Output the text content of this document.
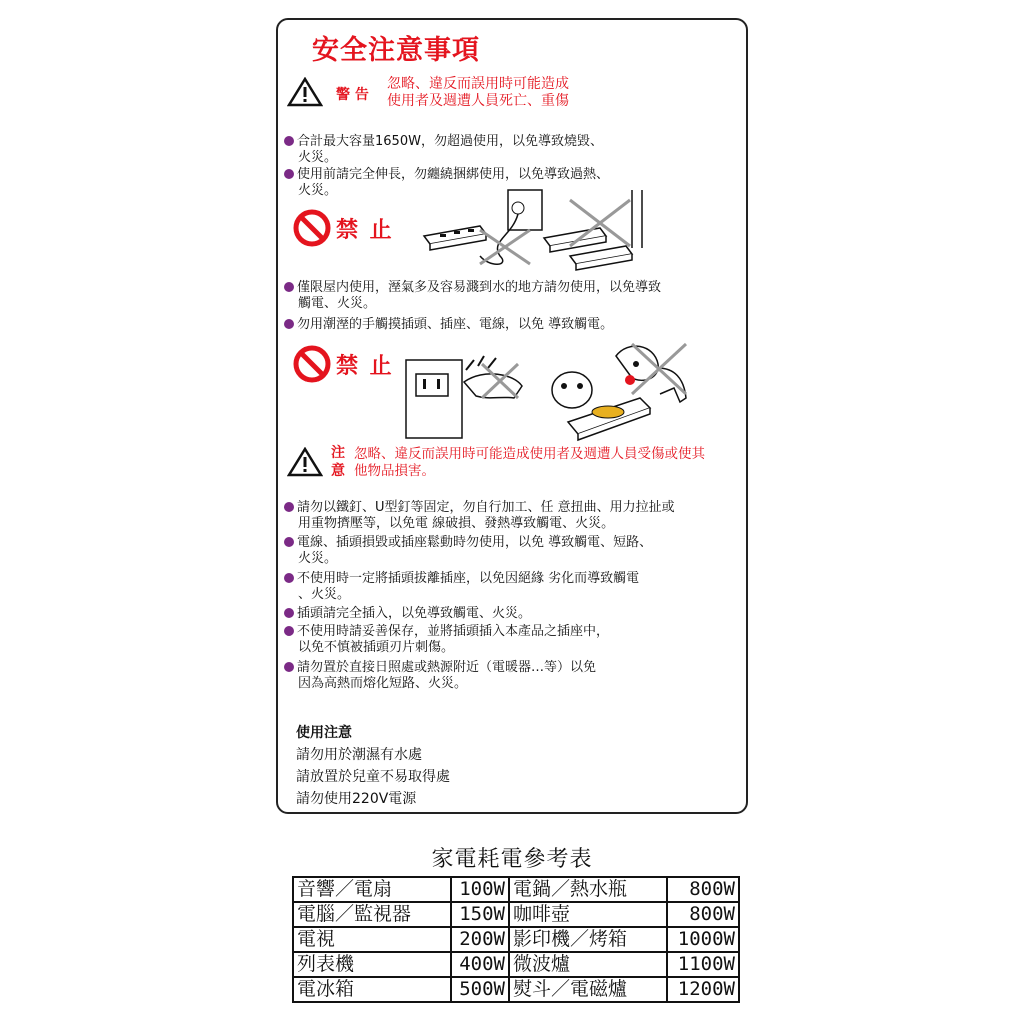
安全注意事項
警 告
忽略、違反而誤用時可能造成
使用者及週遭人員死亡、重傷
合計最大容量1650W，勿超過使用，以免導致燒毀、
火災。
使用前請完全伸長，勿纏繞捆綁使用，以免導致過熱、
火災。
禁 止
僅限屋内使用，溼氣多及容易濺到水的地方請勿使用，以免導致
觸電、火災。
勿用潮溼的手觸摸插頭、插座、電線，以免 導致觸電。
禁 止
注
意
忽略、違反而誤用時可能造成使用者及週遭人員受傷或使其
他物品損害。
請勿以鐵釘、U型釘等固定，勿自行加工、任 意扭曲、用力拉扯或
用重物擠壓等，以免電 線破損、發熱導致觸電、火災。
電線、插頭損毀或插座鬆動時勿使用，以免 導致觸電、短路、
火災。
不使用時一定將插頭拔離插座，以免因絕緣 劣化而導致觸電
、火災。
插頭請完全插入，以免導致觸電、火災。
不使用時請妥善保存，並將插頭插入本產品之插座中，
以免不慎被插頭刃片刺傷。
請勿置於直接日照處或熱源附近（電暖器…等）以免
因為高熱而熔化短路、火災。
使用注意
請勿用於潮濕有水處
請放置於兒童不易取得處
請勿使用220V電源
家電耗電參考表
音響／電扇	100W	電鍋／熱水瓶	800W
電腦／監視器	150W	咖啡壺	800W
電視	200W	影印機／烤箱	1000W
列表機	400W	微波爐	1100W
電冰箱	500W	熨斗／電磁爐	1200W
